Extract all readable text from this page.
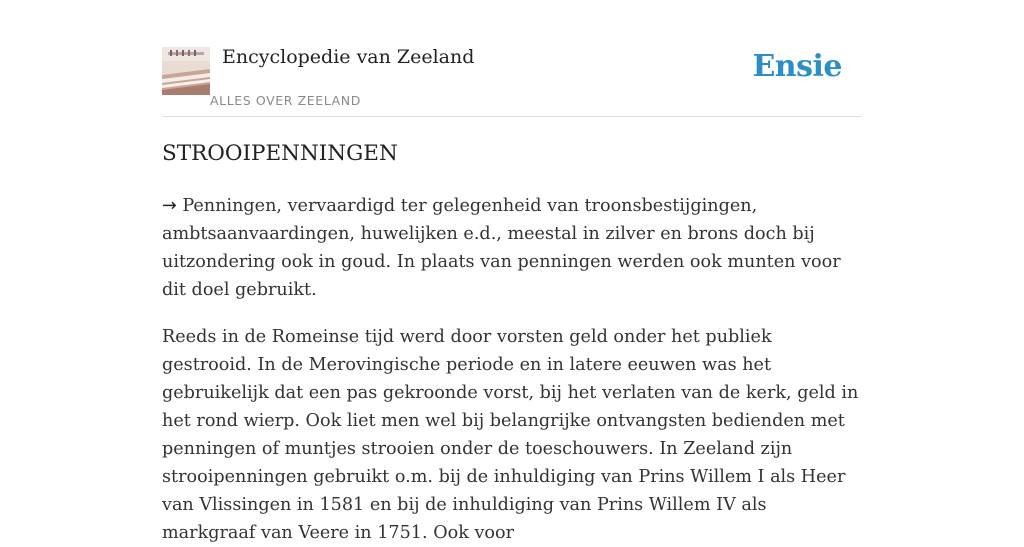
Encyclopedie van Zeeland
ALLES OVER ZEELAND
Ensie
STROOIPENNINGEN

→ Penningen, vervaardigd ter gelegenheid van troonsbestijgingen, ambtsaanvaardingen, huwelijken e.d., meestal in zilver en brons doch bij uitzondering ook in goud. In plaats van penningen werden ook munten voor dit doel gebruikt.

Reeds in de Romeinse tijd werd door vorsten geld onder het publiek gestrooid. In de Merovingische periode en in latere eeuwen was het gebruikelijk dat een pas gekroonde vorst, bij het verlaten van de kerk, geld in het rond wierp. Ook liet men wel bij belangrijke ontvangsten bedienden met penningen of muntjes strooien onder de toeschouwers. In Zeeland zijn strooipenningen gebruikt o.m. bij de inhuldiging van Prins Willem I als Heer van Vlissingen in 1581 en bij de inhuldiging van Prins Willem IV als markgraaf van Veere in 1751. Ook voor
